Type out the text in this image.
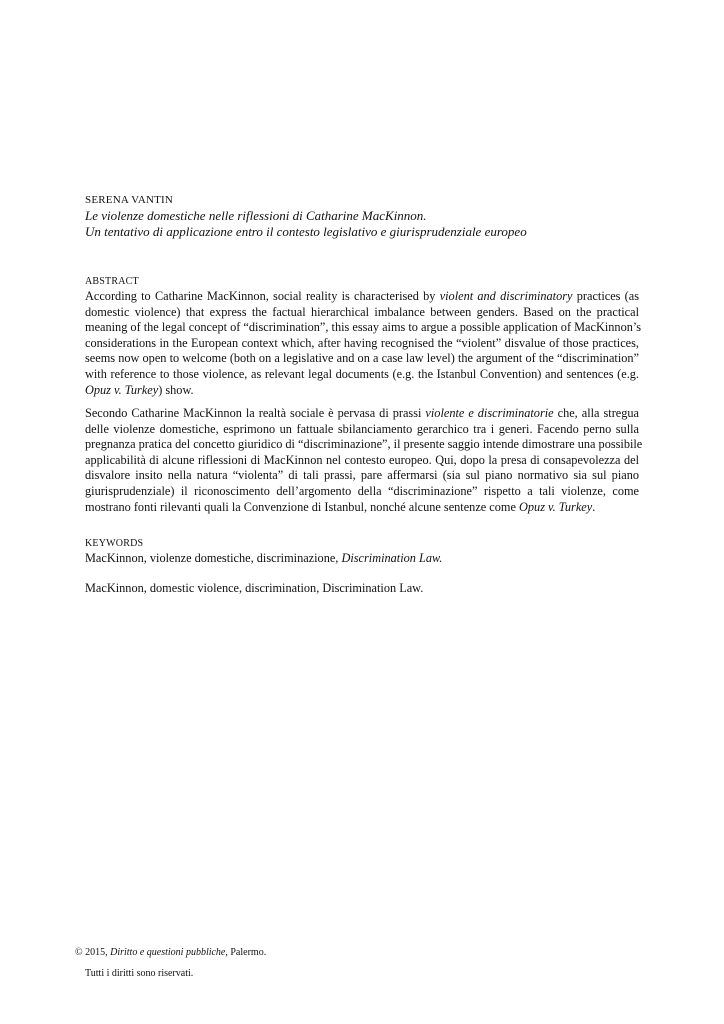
SERENA VANTIN
Le violenze domestiche nelle riflessioni di Catharine MacKinnon.
Un tentativo di applicazione entro il contesto legislativo e giurisprudenziale europeo
ABSTRACT
According to Catharine MacKinnon, social reality is characterised by violent and discriminatory practices (as
domestic violence) that express the factual hierarchical imbalance between genders. Based on the practical
meaning of the legal concept of “discrimination”, this essay aims to argue a possible application of MacKinnon’s
considerations in the European context which, after having recognised the “violent” disvalue of those practices,
seems now open to welcome (both on a legislative and on a case law level) the argument of the “discrimination”
with reference to those violence, as relevant legal documents (e.g. the Istanbul Convention) and sentences (e.g.
Opuz v. Turkey) show.
Secondo Catharine MacKinnon la realtà sociale è pervasa di prassi violente e discriminatorie che, alla stregua
delle violenze domestiche, esprimono un fattuale sbilanciamento gerarchico tra i generi. Facendo perno sulla
pregnanza pratica del concetto giuridico di “discriminazione”, il presente saggio intende dimostrare una possibile
applicabilità di alcune riflessioni di MacKinnon nel contesto europeo. Qui, dopo la presa di consapevolezza del
disvalore insito nella natura “violenta” di tali prassi, pare affermarsi (sia sul piano normativo sia sul piano
giurisprudenziale) il riconoscimento dell’argomento della “discriminazione” rispetto a tali violenze, come
mostrano fonti rilevanti quali la Convenzione di Istanbul, nonché alcune sentenze come Opuz v. Turkey.
KEYWORDS
MacKinnon, violenze domestiche, discriminazione, Discrimination Law.
MacKinnon, domestic violence, discrimination, Discrimination Law.
© 2015, Diritto e questioni pubbliche, Palermo.
Tutti i diritti sono riservati.
